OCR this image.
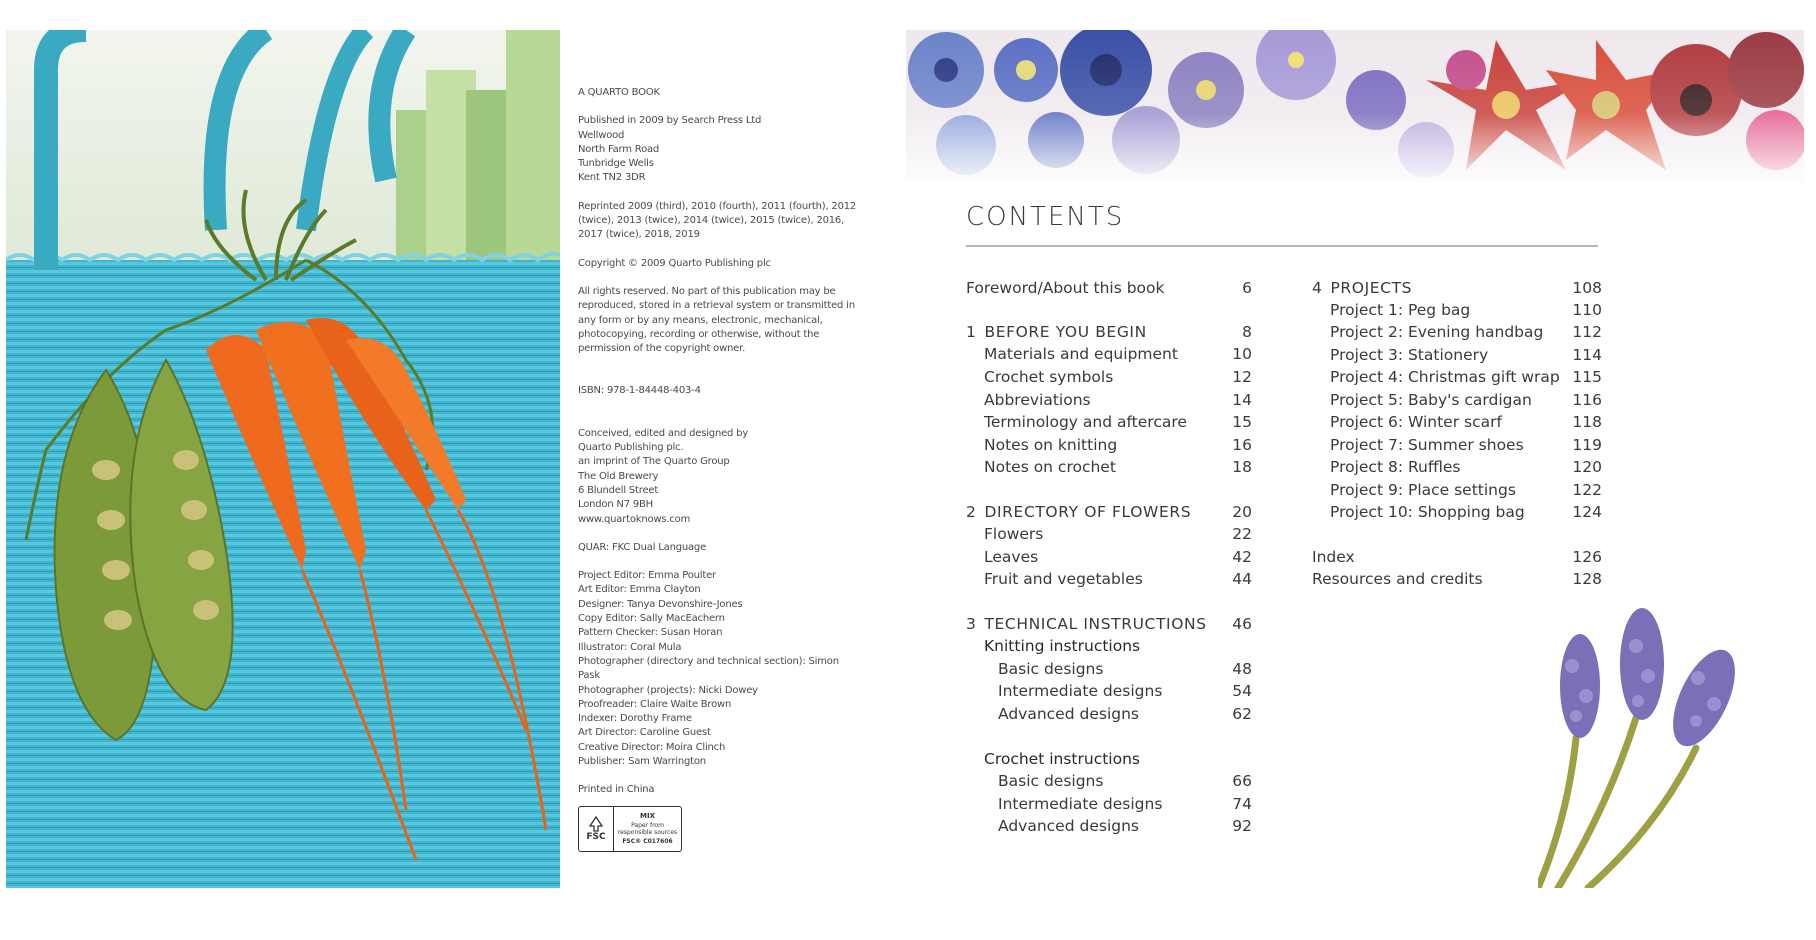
A QUARTO BOOK

Published in 2009 by Search Press Ltd
Wellwood
North Farm Road
Tunbridge Wells
Kent TN2 3DR

Reprinted 2009 (third), 2010 (fourth), 2011 (fourth), 2012 (twice), 2013 (twice), 2014 (twice), 2015 (twice), 2016, 2017 (twice), 2018, 2019

Copyright © 2009 Quarto Publishing plc

All rights reserved. No part of this publication may be reproduced, stored in a retrieval system or transmitted in any form or by any means, electronic, mechanical, photocopying, recording or otherwise, without the permission of the copyright owner.

ISBN: 978-1-84448-403-4

Conceived, edited and designed by
Quarto Publishing plc.
an imprint of The Quarto Group
The Old Brewery
6 Blundell Street
London N7 9BH
www.quartoknows.com

QUAR: FKC Dual Language

Project Editor: Emma Poulter
Art Editor: Emma Clayton
Designer: Tanya Devonshire-Jones
Copy Editor: Sally MacEachern
Pattern Checker: Susan Horan
Illustrator: Coral Mula
Photographer (directory and technical section): Simon Pask
Photographer (projects): Nicki Dowey
Proofreader: Claire Waite Brown
Indexer: Dorothy Frame
Art Director: Caroline Guest
Creative Director: Moira Clinch
Publisher: Sam Warrington

Printed in China

FSC
MIX
Paper from responsible sources
FSC® C017606
CONTENTS
Foreword/About this book	6
1 BEFORE YOU BEGIN	8
Materials and equipment	10
Crochet symbols	12
Abbreviations	14
Terminology and aftercare	15
Notes on knitting	16
Notes on crochet	18
2 DIRECTORY OF FLOWERS	20
Flowers	22
Leaves	42
Fruit and vegetables	44
3 TECHNICAL INSTRUCTIONS 46
Knitting instructions
Basic designs	48
Intermediate designs	54
Advanced designs	62
Crochet instructions
Basic designs	66
Intermediate designs	74
Advanced designs	92
4 PROJECTS	108
Project 1: Peg bag	110
Project 2: Evening handbag 112
Project 3: Stationery	114
Project 4: Christmas gift wrap 115
Project 5: Baby's cardigan	116
Project 6: Winter scarf	118
Project 7: Summer shoes	119
Project 8: Ruffles	120
Project 9: Place settings	122
Project 10: Shopping bag	124
Index	126
Resources and credits	128
